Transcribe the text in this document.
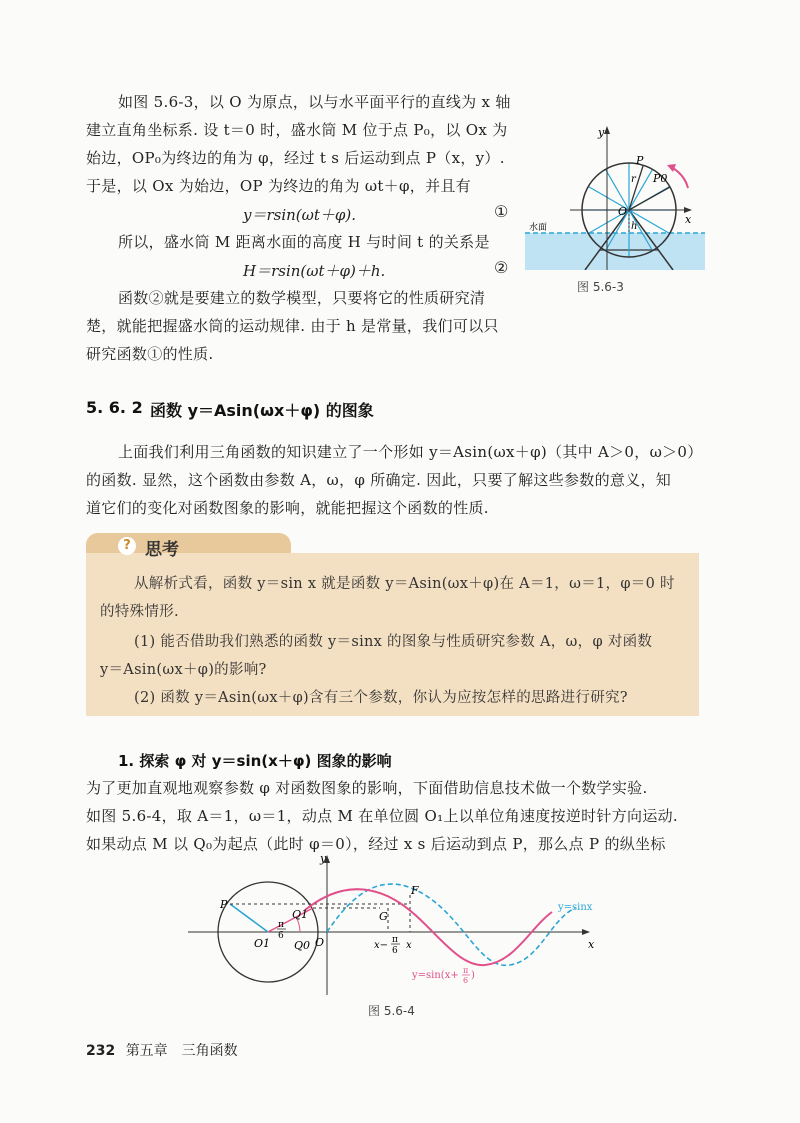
如图 5.6-3，以 O 为原点，以与水平面平行的直线为 x 轴

建立直角坐标系. 设 t＝0 时，盛水筒 M 位于点 P₀，以 Ox 为

始边，OP₀为终边的角为 φ，经过 t s 后运动到点 P（x，y）.

于是，以 Ox 为始边，OP 为终边的角为 ωt＋φ，并且有

y＝rsin(ωt＋φ).	①

所以，盛水筒 M 距离水面的高度 H 与时间 t 的关系是

H＝rsin(ωt＋φ)＋h.	②

函数②就是要建立的数学模型，只要将它的性质研究清

楚，就能把握盛水筒的运动规律. 由于 h 是常量，我们可以只

研究函数①的性质.

y
x
P
P0
r
O
h
水面
图 5.6-3
5. 6. 2 函数 y＝Asin(ωx＋φ) 的图象

上面我们利用三角函数的知识建立了一个形如 y＝Asin(ωx＋φ)（其中 A＞0，ω＞0）

的函数. 显然，这个函数由参数 A，ω，φ 所确定. 因此，只要了解这些参数的意义，知

道它们的变化对函数图象的影响，就能把握这个函数的性质.

? 思考
从解析式看，函数 y＝sin x 就是函数 y＝Asin(ωx＋φ)在 A＝1，ω＝1，φ＝0 时
的特殊情形.
(1) 能否借助我们熟悉的函数 y＝sinx 的图象与性质研究参数 A，ω，φ 对函数
y＝Asin(ωx＋φ)的影响?
(2) 函数 y＝Asin(ωx＋φ)含有三个参数，你认为应按怎样的思路进行研究?
1. 探索 φ 对 y＝sin(x＋φ) 图象的影响

为了更加直观地观察参数 φ 对函数图象的影响，下面借助信息技术做一个数学实验.

如图 5.6-4，取 A＝1，ω＝1，动点 M 在单位圆 O₁上以单位角速度按逆时针方向运动.

如果动点 M 以 Q₀为起点（此时 φ＝0），经过 x s 后运动到点 P，那么点 P 的纵坐标

y
x
P
Q1
O1 Q0 O
π
6
F
G
x− π
6 x
y=sinx
y=sin(x+ π
6 )
图 5.6-4
232 第五章　三角函数
